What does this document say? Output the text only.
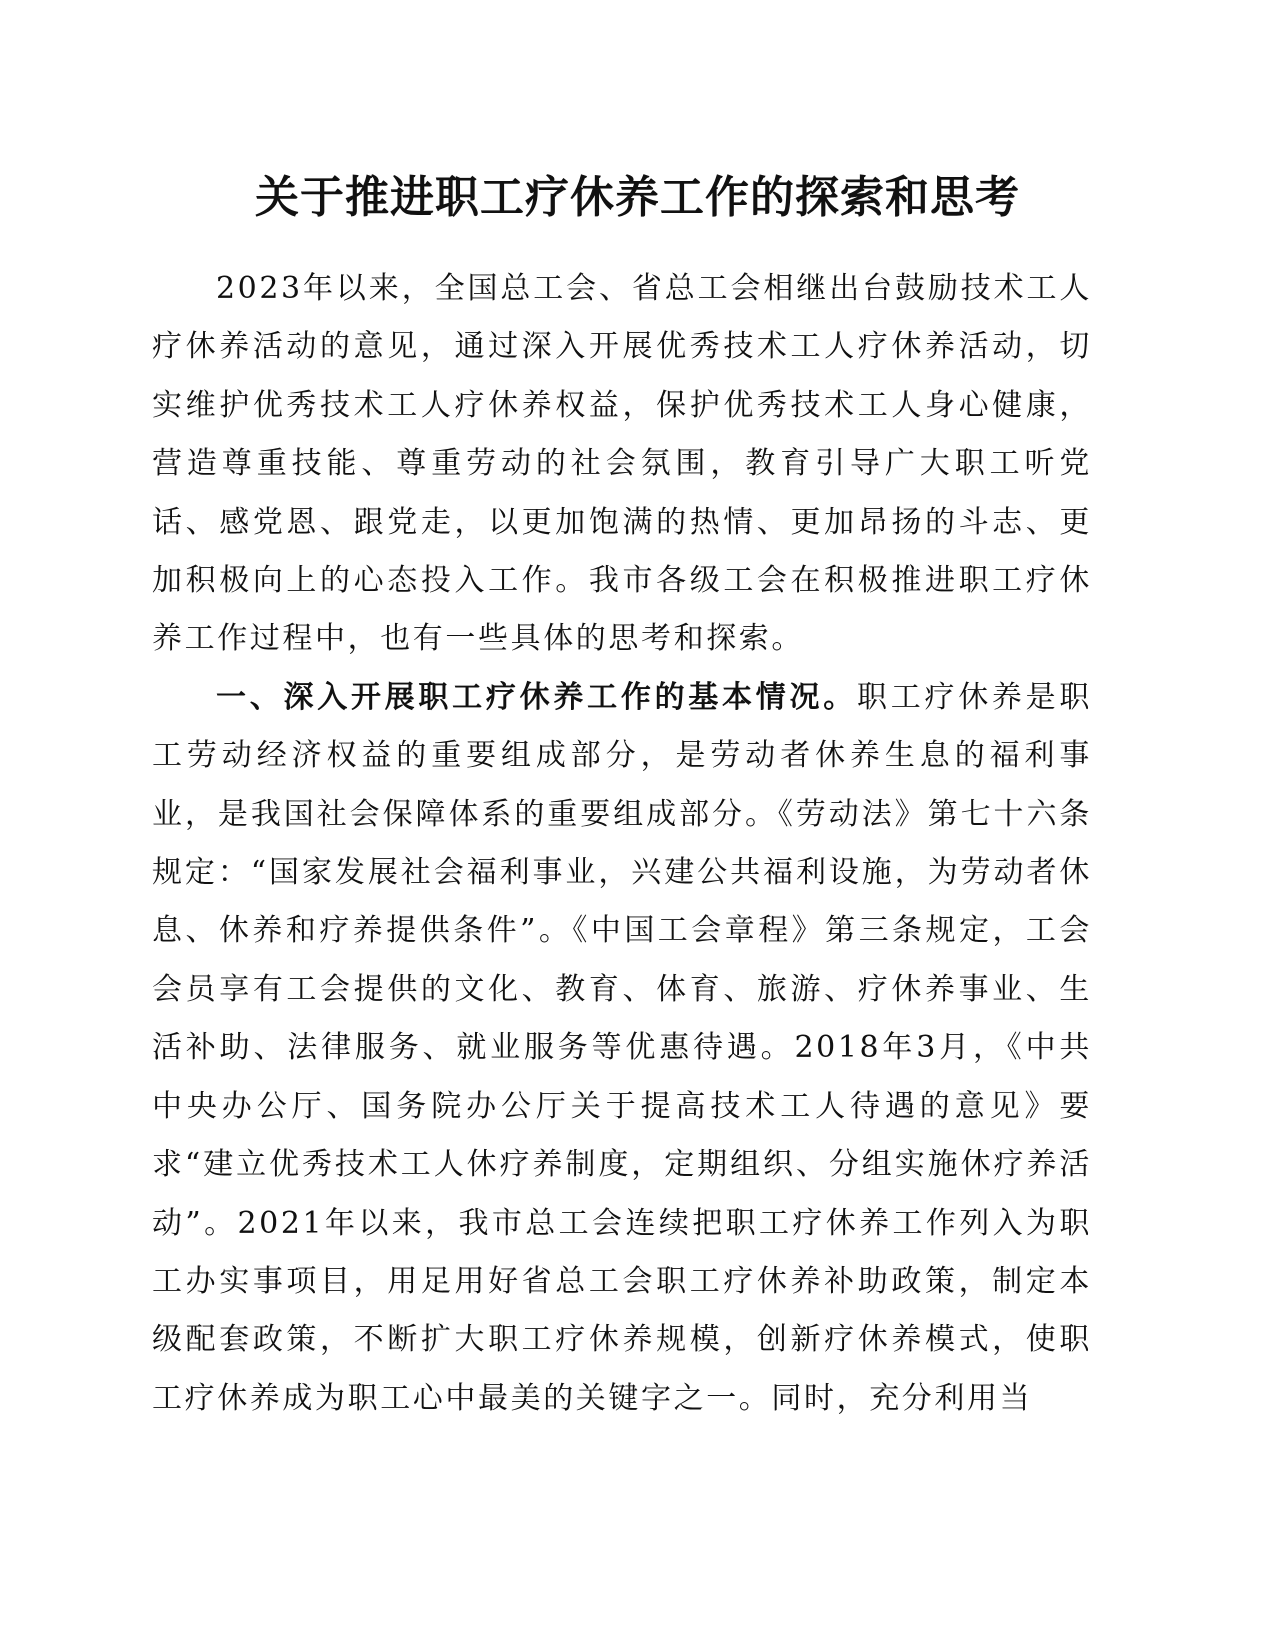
关于推进职工疗休养工作的探索和思考

2023年以来，全国总工会、省总工会相继出台鼓励技术工人疗休养活动的意见，通过深入开展优秀技术工人疗休养活动，切实维护优秀技术工人疗休养权益，保护优秀技术工人身心健康，营造尊重技能、尊重劳动的社会氛围，教育引导广大职工听党话、感党恩、跟党走，以更加饱满的热情、更加昂扬的斗志、更加积极向上的心态投入工作。我市各级工会在积极推进职工疗休养工作过程中，也有一些具体的思考和探索。

一、深入开展职工疗休养工作的基本情况。职工疗休养是职工劳动经济权益的重要组成部分，是劳动者休养生息的福利事业，是我国社会保障体系的重要组成部分。《劳动法》第七十六条规定：“国家发展社会福利事业，兴建公共福利设施，为劳动者休息、休养和疗养提供条件”。《中国工会章程》第三条规定，工会会员享有工会提供的文化、教育、体育、旅游、疗休养事业、生活补助、法律服务、就业服务等优惠待遇。2018年3月，《中共中央办公厅、国务院办公厅关于提高技术工人待遇的意见》要求“建立优秀技术工人休疗养制度，定期组织、分组实施休疗养活动”。2021年以来，我市总工会连续把职工疗休养工作列入为职工办实事项目，用足用好省总工会职工疗休养补助政策，制定本级配套政策，不断扩大职工疗休养规模，创新疗休养模式，使职工疗休养成为职工心中最美的关键字之一。同时，充分利用当
